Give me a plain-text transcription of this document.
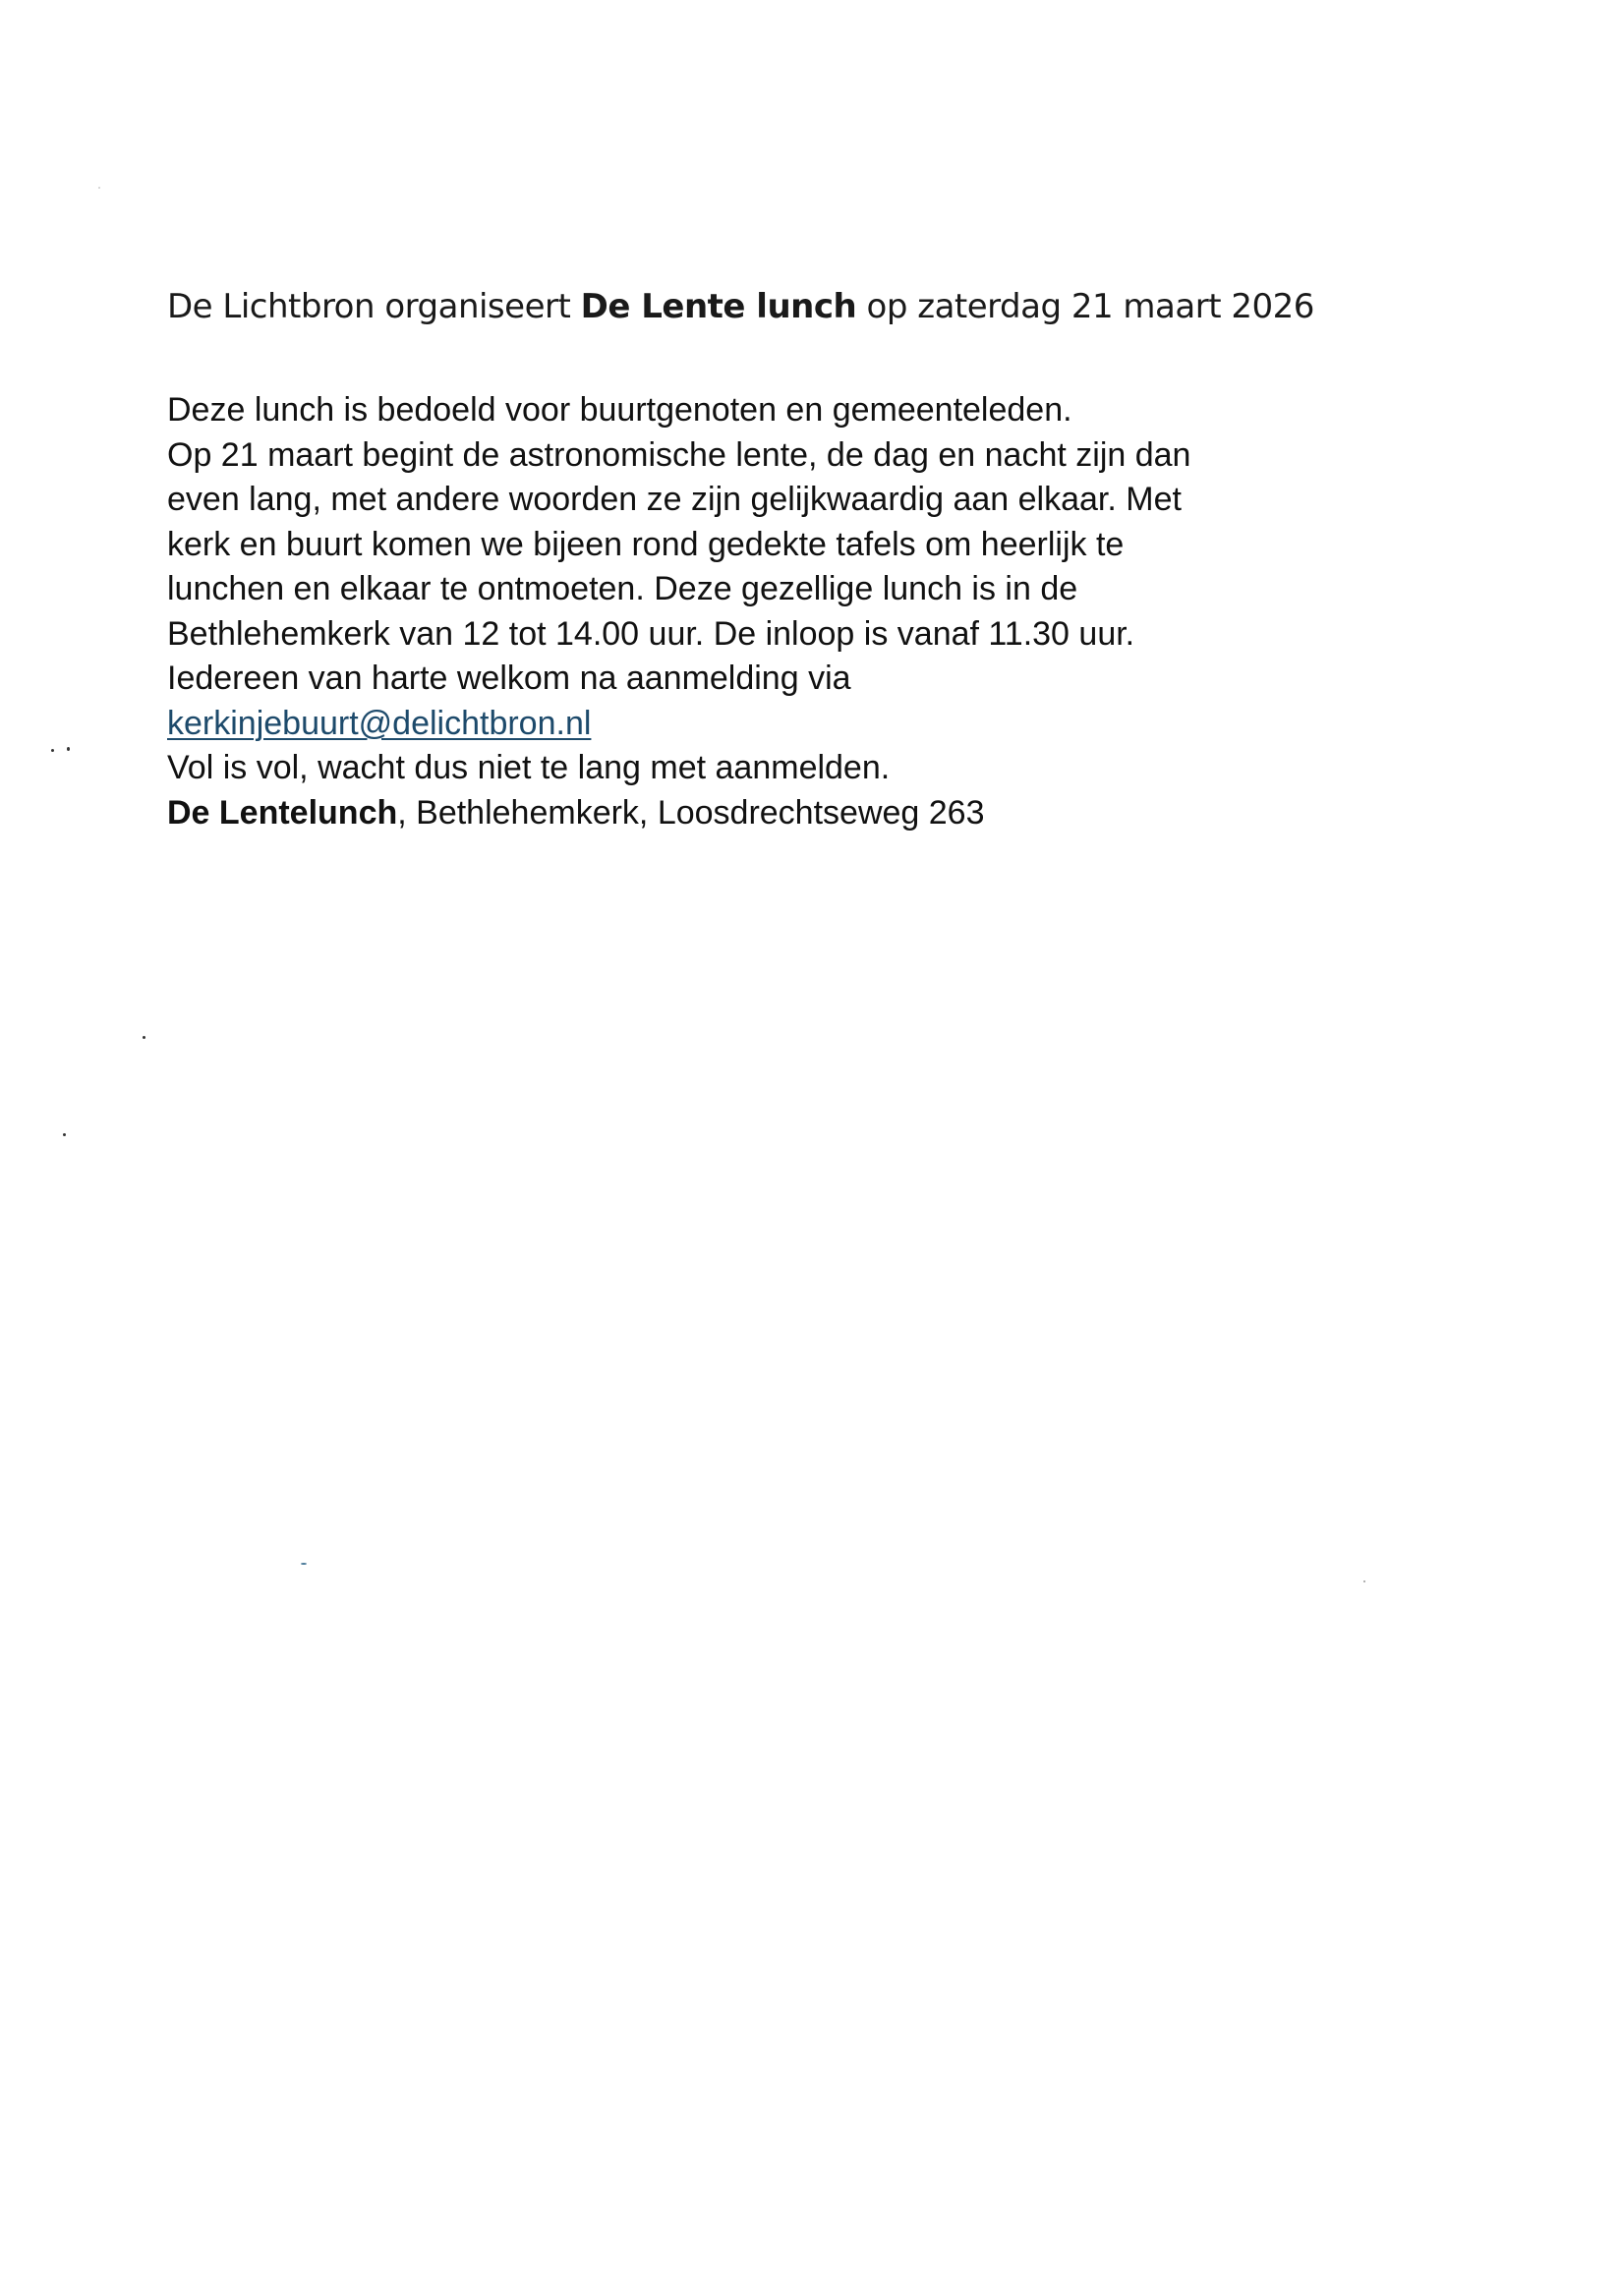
De Lichtbron organiseert De Lente lunch op zaterdag 21 maart 2026
Deze lunch is bedoeld voor buurtgenoten en gemeenteleden.
Op 21 maart begint de astronomische lente, de dag en nacht zijn dan
even lang, met andere woorden ze zijn gelijkwaardig aan elkaar. Met
kerk en buurt komen we bijeen rond gedekte tafels om heerlijk te
lunchen en elkaar te ontmoeten. Deze gezellige lunch is in de
Bethlehemkerk van 12 tot 14.00 uur. De inloop is vanaf 11.30 uur.
Iedereen van harte welkom na aanmelding via
kerkinjebuurt@delichtbron.nl
Vol is vol, wacht dus niet te lang met aanmelden.
De Lentelunch, Bethlehemkerk, Loosdrechtseweg 263
